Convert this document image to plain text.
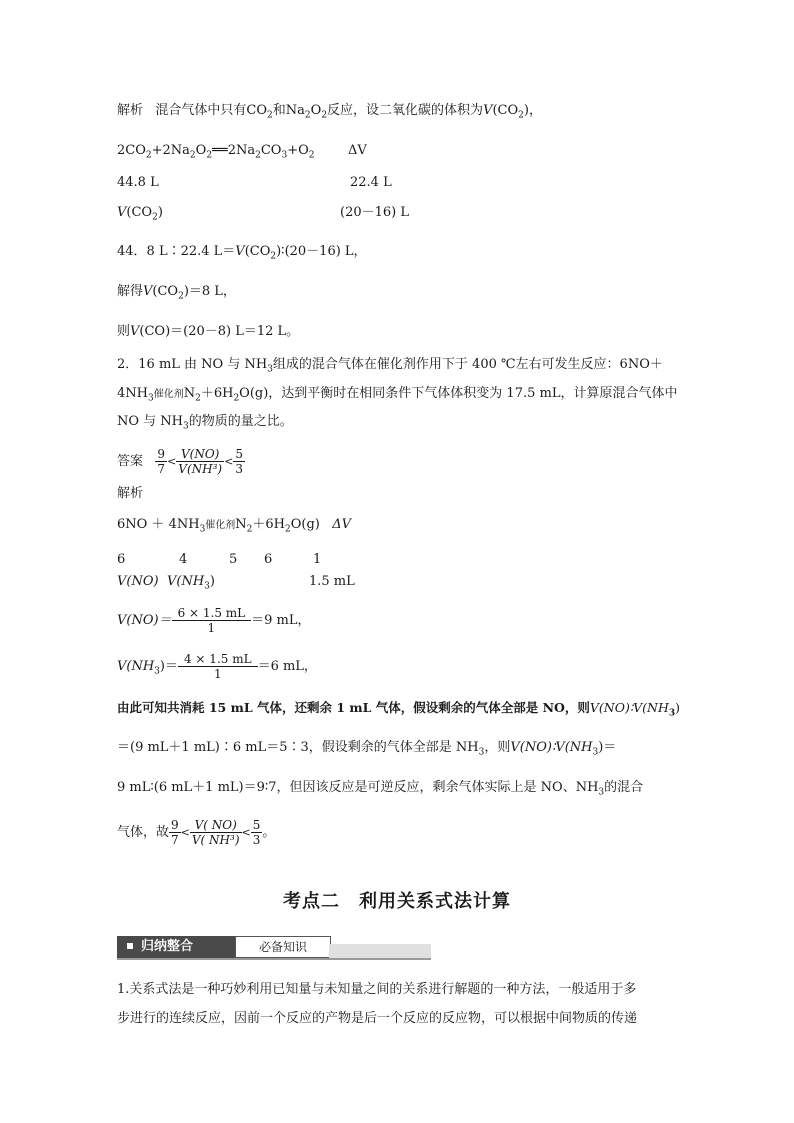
解析 混合气体中只有$CO_2$和$Na_2O_2$反应，设二氧化碳的体积为$V(CO_2)$，
$2CO_2+2Na_2O_2══2Na_2CO_3+O_2$	ΔV
44.8 L	22.4 L
$V(CO_2)$	(20－16) L
44．8 L∶22.4 $L=V(CO_2)∶(20-16)$ L，
解得$V(CO_2)=8$ L，
则V(CO)＝(20－8) L＝12 L。
2．16 mL 由 NO 与 $NH_3$组成的混合气体在催化剂作用下于 400 ℃左右可发生反应：6NO＋
$4NH_3$催化剂$N_2+6H_2O(g)$，达到平衡时在相同条件下气体体积变为 17.5 mL，计算原混合气体中
NO 与 $NH_3$的物质的量之比。
答案 $\frac{9}{7} < \frac{V(NO)}{\text{V(NH³)}} < \frac{5}{3}$
解析
$6NO + 4NH_3$催化剂$N_2+6H_2O(g)$ ΔV
6	4	5 6	1
V(NO) $V(NH_3)$	1.5 mL
$V(NO)= \frac{6 \times 1.5 mL}{1} =9$ mL，
$V(NH_3)= \frac{4 \times 1.5 mL}{1} =6$ mL，
由此可知共消耗 15 mL 气体，还剩余 1 mL 气体，假设剩余的气体全部是 NO，则$V(NO)∶V(NH_3)$
＝(9 mL＋1 mL)∶6 mL＝5∶3，假设剩余的气体全部是 $NH_3$，则$V(NO)∶V(NH_3)=$
9 mL∶(6 mL＋1 mL)＝9∶7，但因该反应是可逆反应，剩余气体实际上是 NO、$NH_3$的混合
气体，故 $\frac{9}{7} < \frac{V( NO)}{\text{V( NH³)}} < \frac{5}{3}$ 。
考点二　利用关系式法计算
归纳整合	必备知识
1.关系式法是一种巧妙利用已知量与未知量之间的关系进行解题的一种方法，一般适用于多
步进行的连续反应，因前一个反应的产物是后一个反应的反应物，可以根据中间物质的传递
